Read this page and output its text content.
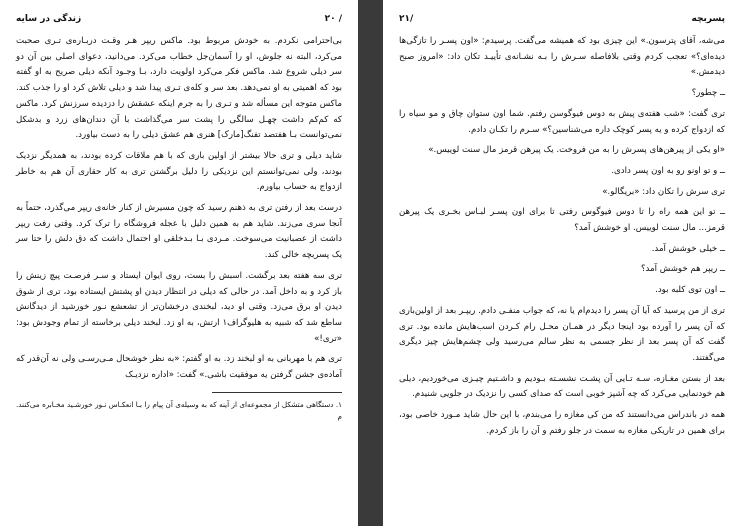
زندگی در سایه	۲۰ /

بی‌احترامی نکردم. به خودش مربوط بود. ماکس ریپر هـر وقـت دربـاره‌ی تـری صحبت می‌کرد، البته نه جلوش، او را آسمان‌جل خطاب می‌کرد. می‌دانید، دعوای اصلی بین آن دو سر دیلی شروع شد. ماکس فکر می‌کرد اولویت دارد، بـا وجـود آنکه دیلی صریح به او گفته بود که اهمیتی به او نمی‌دهد. بعد سر و کله‌ی تـری پیدا شد و دیلی تلاش کرد او را جذب کند. ماکس متوجه این مسأله شد و تـری را به جرم اینکه عشقش را دزدیده سرزنش کرد. ماکس که کم‌کم داشت چهـل سالگی را پشت سر می‌گذاشت با آن دندان‌های زرد و بدشکل نمی‌توانست بـا هفتصد تفنگ[مارک] هنری هم عشق دیلی را به دست بیاورد.

شاید دیلی و تری حالا بیشتر از اولین باری که با هم ملاقات کرده بودند، به همدیگر نزدیک بودند، ولی نمی‌توانستم این نزدیکی را دلیل برگشتن تری به کار حقاری آن هم به خاطر ازدواج به حساب بیاورم.

درست بعد از رفتن تری به ذهنم رسید که چون مسیرش از کنار خانه‌ی ریپر می‌گذرد، حتماً به آنجا سری می‌زند. شاید هم به همین دلیل با عجله فروشگاه را ترک کرد. وقتی رفت ریپر داشت از عصبانیت می‌سوخت. مـردی بـا بـدخلقی او احتمال داشت که دق دلش را حتا سر یک پسربچه خالی کند.

تری سه هفته بعد برگشت. اسبش را بست، روی ایوان ایستاد و سـر فرصـت پیچ زینش را باز کرد و به داخل آمد. در حالی که دیلی در انتظار دیدن او پشتش ایستاده بود، تری از شوق دیدن او برق می‌زد. وقتی او دید، لبخندی درخشان‌تر از تشعشع نـور خورشید از دیدگانش ساطع شد که شبیه به هلیوگراف۱ ارتش، به او زد. لبخند دیلی برخاسته از تمام وجودش بود: «تری!»

تری هم با مهربانی به او لبخند زد. به او گفتم: «به نظر خوشحال مـی‌رسـی ولی نه آن‌قدر که آماده‌ی جشن گرفتن یه موفقیت باشی.» گفت: «اداره نزدیـک

۱. دستگاهی متشکل از مجموعه‌ای از آینه که به وسیله‌ی آن پیام را بـا انعکـاس نـور خورشـید مخـابره می‌کنند. م
۲۱/	پسربچه

می‌شه، آقای پترسون.» این چیزی بود که همیشه می‌گفت. پرسیدم: «اون پسـر را تازگی‌ها دیده‌ای؟» تعجب کردم وقتی بلافاصله سـرش را بـه نشـانه‌ی تأییـد تکان داد: «امروز صبح دیدمش.»

ــ چطور؟

تری گفت: «شب هفته‌ی پیش به دوس فیوگوسن رفتم. شما اون ستوان چاق و مو سیاه را که ازدواج کرده و یه پسر کوچک داره می‌شناسین؟» سـرم را تکـان دادم.

«او یکی از پیرهن‌های پسرش را به من فروخت. یک پیرهن قرمز مال سنت لوییس.»

ــ و تو اونو رو به اون پسر دادی.

تری سرش را تکان داد: «بریگالو.»

ــ تو این همه راه را تا دوس فیوگوس رفتی تا برای اون پسـر لبـاس بخـری یک پیرهن قرمز... مال سنت لوییس. او خوشش آمد؟

ــ خیلی خوشش آمد.

ــ ریپر هم خوشش آمد؟

ــ اون توی کلبه بود.

تری از من پرسید که آیا آن پسر را دیدم‌ام یا نه، که جواب منفـی دادم. ریپـر بعد از اولین‌باری که آن پسر را آورده بود اینجا دیگر در همـان محـل رام کـردن اسب‌هایش مانده بود. تری گفت که آن پسر بعد از نظر جسمی به نظر سالم می‌رسید ولی چشم‌هایش چیز دیگری می‌گفتند.

بعد از بستن مغـازه، سـه تـایی آن پشـت نشسـته بـودیم و داشـتیم چیـزی می‌خوردیم، دیلی هم خودنمایی می‌کرد که چه آشپز خوبی است که صدای کسی را نزدیک در جلویی شنیدم.

همه در باندراس می‌دانستند که من کی مغازه را می‌بندم، با این حال شاید مـورد خاصی بود، برای همین در تاریکی مغازه به سمت در جلو رفتم و آن را باز کردم.
